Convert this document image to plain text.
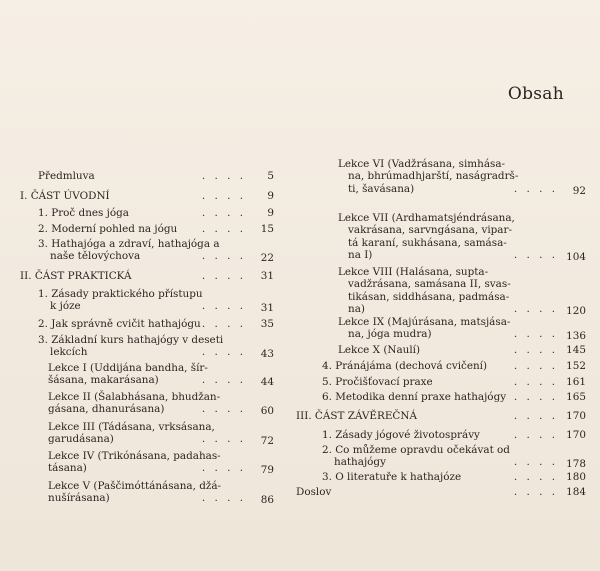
Obsah
Předmluva	. . . . 5
I. ČÁST ÚVODNÍ	. . . . 9
1. Proč dnes jóga	. . . . 9
2. Moderní pohled na jógu . . . . 15
3. Hathajóga a zdraví, hathajóga a
naše tělovýchova	. . . . 22
II. ČÁST PRAKTICKÁ	. . . . 31
1. Zásady praktického přístupu
k józe	. . . . 31
2. Jak správně cvičit hathajógu . . . . 35
3. Základní kurs hathajógy v deseti
lekcích	. . . . 43
Lekce I (Uddijána bandha, šír-
šásana, makarásana)	. . . . 44
Lekce II (Šalabhásana, bhudžan-
gásana, dhanurásana)	. . . . 60
Lekce III (Tádásana, vrksásana,
garudásana)	. . . . 72
Lekce IV (Trikónásana, padahas-
tásana)	. . . . 79
Lekce V (Paščimóttánásana, džá-
nušírásana)	. . . . 86
Lekce VI (Vadžrásana, simhása-
na, bhrúmadhjarští, naságradrš-
ti, šavásana)	. . . . 92
Lekce VII (Ardhamatsjéndrásana,
vakrásana, sarvngásana, vipar-
tá karaní, sukhásana, samása-
na I)	. . . . 104
Lekce VIII (Halásana, supta-
vadžrásana, samásana II, svas-
tikásan, siddhásana, padmása-
na)	. . . . 120
Lekce IX (Majúrásana, matsjása-
na, jóga mudra)	. . . . 136
Lekce X (Naulí)	. . . . 145
4. Pránájáma (dechová cvičení)	. . . . 152
5. Pročišťovací praxe	. . . . 161
6. Metodika denní praxe hathajógy . . . . 165
III. ČÁST ZÁVĚREČNÁ	. . . . 170
1. Zásady jógové životosprávy	. . . . 170
2. Co můžeme opravdu očekávat od
hathajógy	. . . . 178
3. O literatuře k hathajóze	. . . . 180
Doslov	. . . . 184
